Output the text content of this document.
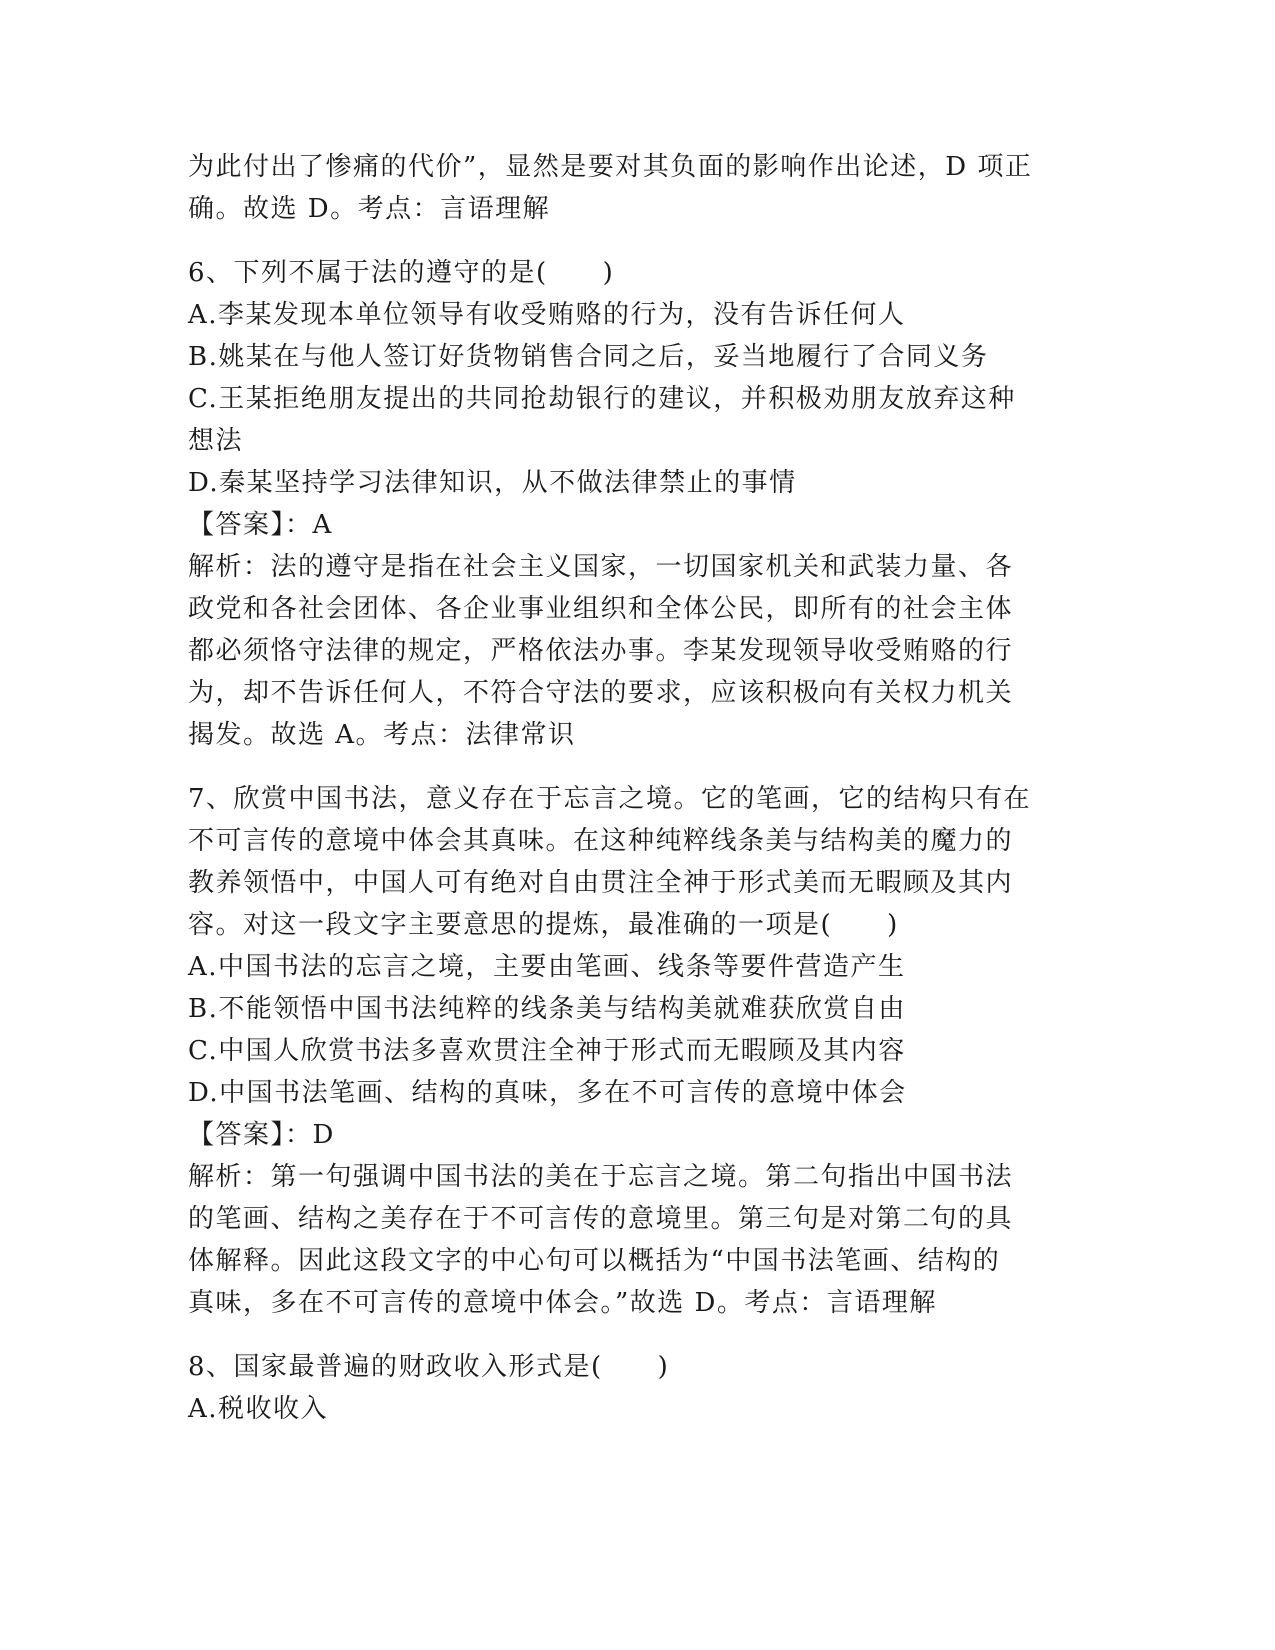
为此付出了惨痛的代价”，显然是要对其负面的影响作出论述，D 项正
确。故选 D。考点：言语理解
6、下列不属于法的遵守的是(　　)
A.李某发现本单位领导有收受贿赂的行为，没有告诉任何人
B.姚某在与他人签订好货物销售合同之后，妥当地履行了合同义务
C.王某拒绝朋友提出的共同抢劫银行的建议，并积极劝朋友放弃这种
想法
D.秦某坚持学习法律知识，从不做法律禁止的事情
【答案】：A
解析：法的遵守是指在社会主义国家，一切国家机关和武装力量、各
政党和各社会团体、各企业事业组织和全体公民，即所有的社会主体
都必须恪守法律的规定，严格依法办事。李某发现领导收受贿赂的行
为，却不告诉任何人，不符合守法的要求，应该积极向有关权力机关
揭发。故选 A。考点：法律常识
7、欣赏中国书法，意义存在于忘言之境。它的笔画，它的结构只有在
不可言传的意境中体会其真味。在这种纯粹线条美与结构美的魔力的
教养领悟中，中国人可有绝对自由贯注全神于形式美而无暇顾及其内
容。对这一段文字主要意思的提炼，最准确的一项是(　　)
A.中国书法的忘言之境，主要由笔画、线条等要件营造产生
B.不能领悟中国书法纯粹的线条美与结构美就难获欣赏自由
C.中国人欣赏书法多喜欢贯注全神于形式而无暇顾及其内容
D.中国书法笔画、结构的真味，多在不可言传的意境中体会
【答案】：D
解析：第一句强调中国书法的美在于忘言之境。第二句指出中国书法
的笔画、结构之美存在于不可言传的意境里。第三句是对第二句的具
体解释。因此这段文字的中心句可以概括为“中国书法笔画、结构的
真味，多在不可言传的意境中体会。”故选 D。考点：言语理解
8、国家最普遍的财政收入形式是(　　)
A.税收收入
